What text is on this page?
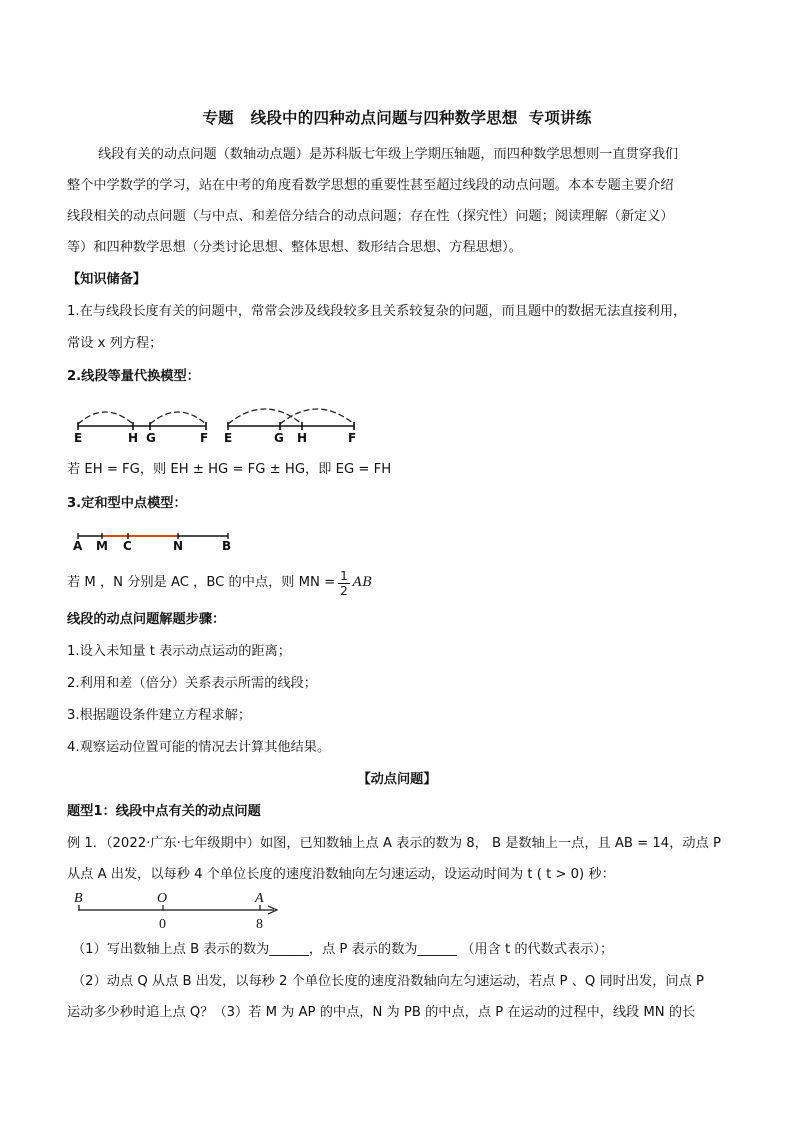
专题   线段中的四种动点问题与四种数学思想  专项讲练
线段有关的动点问题（数轴动点题）是苏科版七年级上学期压轴题，而四种数学思想则一直贯穿我们
整个中学数学的学习，站在中考的角度看数学思想的重要性甚至超过线段的动点问题。本本专题主要介绍
线段相关的动点问题（与中点、和差倍分结合的动点问题；存在性（探究性）问题；阅读理解（新定义）
等）和四种数学思想（分类讨论思想、整体思想、数形结合思想、方程思想）。
【知识储备】
1.在与线段长度有关的问题中，常常会涉及线段较多且关系较复杂的问题，而且题中的数据无法直接利用，
常设 x 列方程；
2.线段等量代换模型：
E	H G	F E	G H	F
若 EH = FG，则 EH ± HG = FG ± HG，即 EG = FH
3.定和型中点模型：
A M C	N	B
若 M ，N 分别是 AC ，BC 的中点，则 MN = $\frac{1}{2}$ AB
线段的动点问题解题步骤：
1.设入未知量 t 表示动点运动的距离；
2.利用和差（倍分）关系表示所需的线段；
3.根据题设条件建立方程求解；
4.观察运动位置可能的情况去计算其他结果。
【动点问题】
题型1：线段中点有关的动点问题
例 1．（2022·广东·七年级期中）如图，已知数轴上点 A 表示的数为 8， B 是数轴上一点，且 AB = 14，动点 P
从点 A 出发，以每秒 4 个单位长度的速度沿数轴向左匀速运动，设运动时间为 t ( t > 0) 秒：
B	O	A
0	8
（1）写出数轴上点 B 表示的数为______，点 P 表示的数为______ （用含 t 的代数式表示）；
（2）动点 Q 从点 B 出发，以每秒 2 个单位长度的速度沿数轴向左匀速运动，若点 P 、Q 同时出发，问点 P
运动多少秒时追上点 Q？（3）若 M 为 AP 的中点，N 为 PB 的中点，点 P 在运动的过程中，线段 MN 的长
